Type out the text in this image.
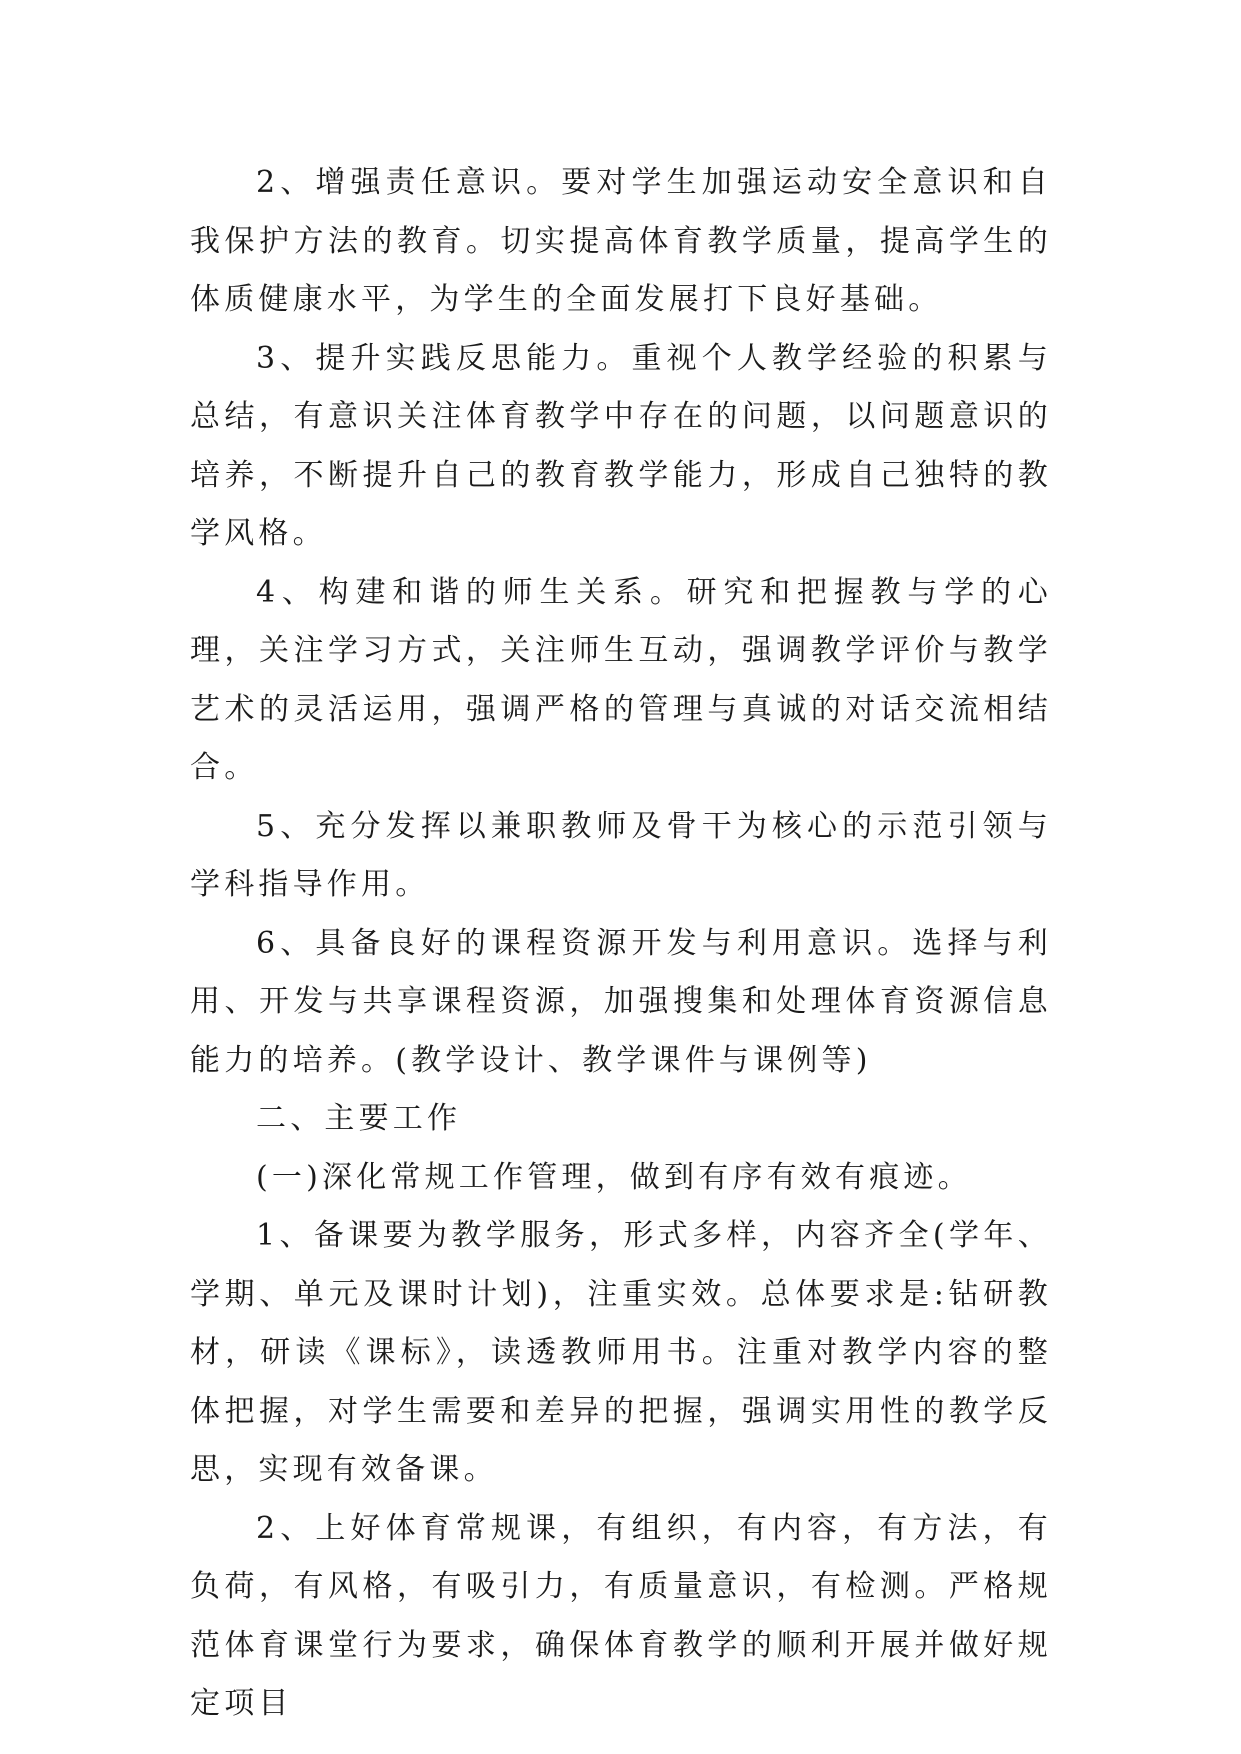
2、增强责任意识。要对学生加强运动安全意识和自我保护方法的教育。切实提高体育教学质量，提高学生的体质健康水平，为学生的全面发展打下良好基础。

3、提升实践反思能力。重视个人教学经验的积累与总结，有意识关注体育教学中存在的问题，以问题意识的培养，不断提升自己的教育教学能力，形成自己独特的教学风格。

4、构建和谐的师生关系。研究和把握教与学的心理，关注学习方式，关注师生互动，强调教学评价与教学艺术的灵活运用，强调严格的管理与真诚的对话交流相结合。

5、充分发挥以兼职教师及骨干为核心的示范引领与学科指导作用。

6、具备良好的课程资源开发与利用意识。选择与利用、开发与共享课程资源，加强搜集和处理体育资源信息能力的培养。(教学设计、教学课件与课例等)

二、主要工作

(一)深化常规工作管理，做到有序有效有痕迹。

1、备课要为教学服务，形式多样，内容齐全(学年、学期、单元及课时计划)，注重实效。总体要求是:钻研教材，研读《课标》，读透教师用书。注重对教学内容的整体把握，对学生需要和差异的把握，强调实用性的教学反思，实现有效备课。

2、上好体育常规课，有组织，有内容，有方法，有负荷，有风格，有吸引力，有质量意识，有检测。严格规范体育课堂行为要求，确保体育教学的顺利开展并做好规定项目
